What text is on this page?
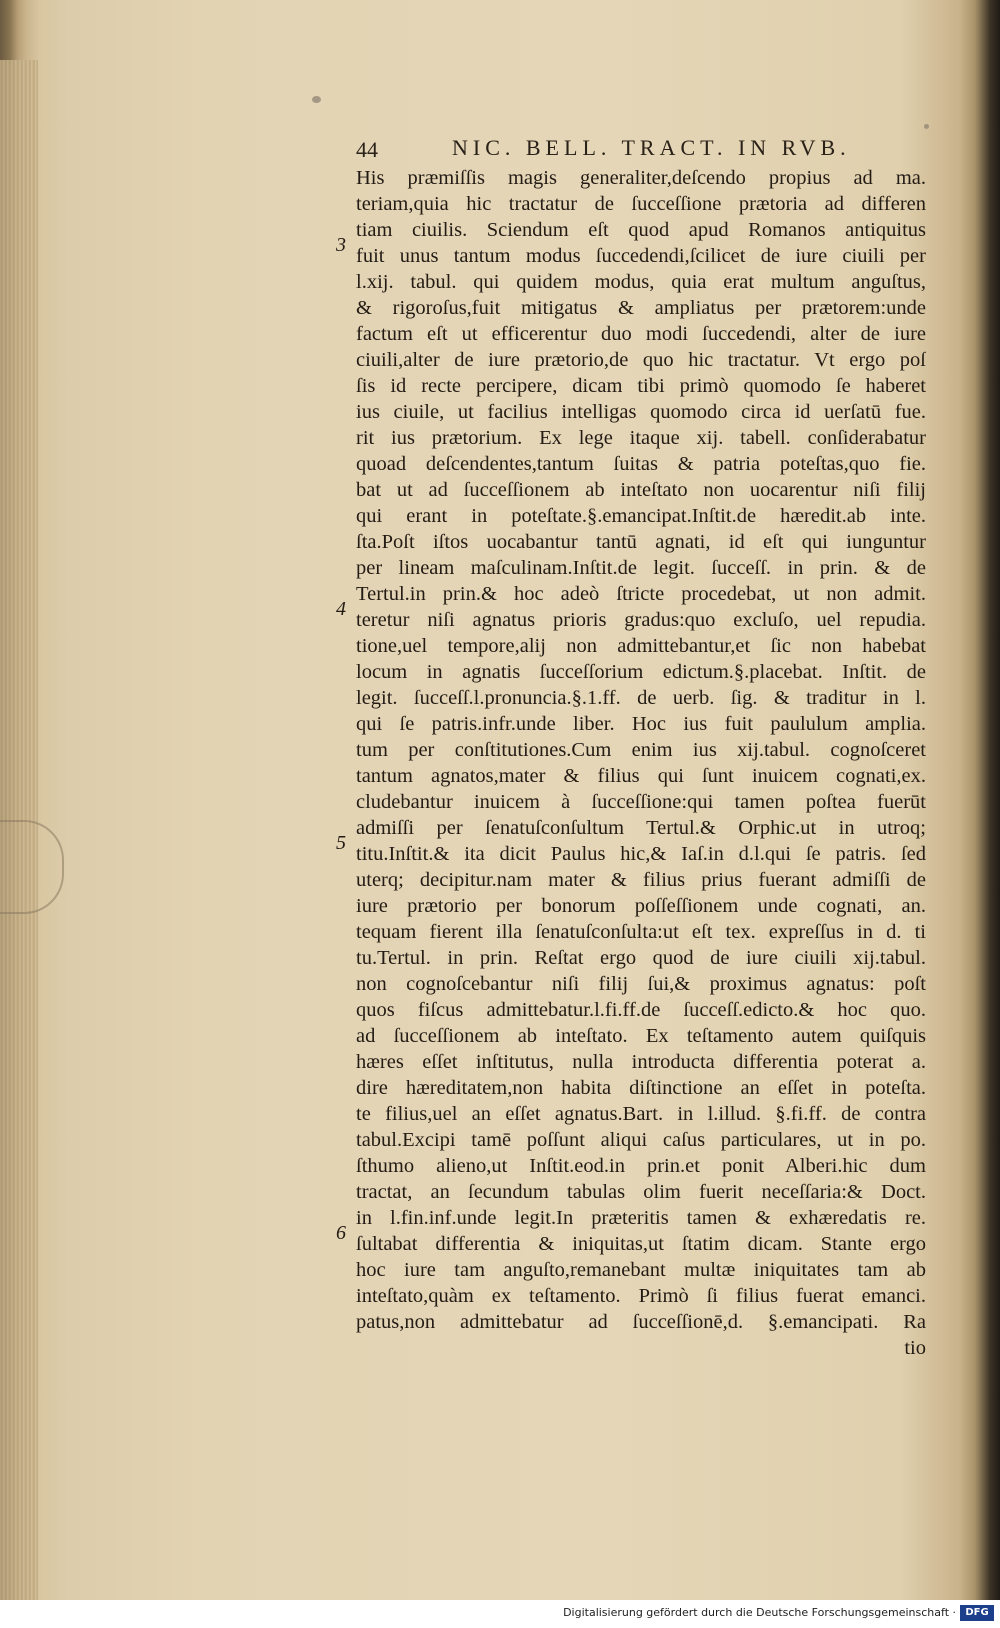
44	NIC. BELL. TRACT. IN RVB.
3
4
5
6
His præmiſſis magis generaliter,deſcendo propius ad ma.
teriam,quia hic tractatur de ſucceſſione prætoria ad differen
tiam ciuilis. Sciendum eſt quod apud Romanos antiquitus
fuit unus tantum modus ſuccedendi,ſcilicet de iure ciuili per
l.xij. tabul. qui quidem modus, quia erat multum anguſtus,
& rigoroſus,fuit mitigatus & ampliatus per prætorem:unde
factum eſt ut efficerentur duo modi ſuccedendi, alter de iure
ciuili,alter de iure prætorio,de quo hic tractatur. Vt ergo poſ
ſis id recte percipere, dicam tibi primò quomodo ſe haberet
ius ciuile, ut facilius intelligas quomodo circa id uerſatū fue.
rit ius prætorium. Ex lege itaque xij. tabell. conſiderabatur
quoad deſcendentes,tantum ſuitas & patria poteſtas,quo fie.
bat ut ad ſucceſſionem ab inteſtato non uocarentur niſi filij
qui erant in poteſtate.§.emancipat.Inſtit.de hæredit.ab inte.
ſta.Poſt iſtos uocabantur tantū agnati, id eſt qui iunguntur
per lineam maſculinam.Inſtit.de legit. ſucceſſ. in prin. & de
Tertul.in prin.& hoc adeò ſtricte procedebat, ut non admit.
teretur niſi agnatus prioris gradus:quo excluſo, uel repudia.
tione,uel tempore,alij non admittebantur,et ſic non habebat
locum in agnatis ſucceſſorium edictum.§.placebat. Inſtit. de
legit. ſucceſſ.l.pronuncia.§.1.ff. de uerb. ſig. & traditur in l.
qui ſe patris.infr.unde liber. Hoc ius fuit paululum amplia.
tum per conſtitutiones.Cum enim ius xij.tabul. cognoſceret
tantum agnatos,mater & filius qui ſunt inuicem cognati,ex.
cludebantur inuicem à ſucceſſione:qui tamen poſtea fuerūt
admiſſi per ſenatuſconſultum Tertul.& Orphic.ut in utroq;
titu.Inſtit.& ita dicit Paulus hic,& Iaſ.in d.l.qui ſe patris. ſed
uterq; decipitur.nam mater & filius prius fuerant admiſſi de
iure prætorio per bonorum poſſeſſionem unde cognati, an.
tequam fierent illa ſenatuſconſulta:ut eſt tex. expreſſus in d. ti
tu.Tertul. in prin. Reſtat ergo quod de iure ciuili xij.tabul.
non cognoſcebantur niſi filij ſui,& proximus agnatus: poſt
quos fiſcus admittebatur.l.fi.ff.de ſucceſſ.edicto.& hoc quo.
ad ſucceſſionem ab inteſtato. Ex teſtamento autem quiſquis
hæres eſſet inſtitutus, nulla introducta differentia poterat a.
dire hæreditatem,non habita diſtinctione an eſſet in poteſta.
te filius,uel an eſſet agnatus.Bart. in l.illud. §.fi.ff. de contra
tabul.Excipi tamē poſſunt aliqui caſus particulares, ut in po.
ſthumo alieno,ut Inſtit.eod.in prin.et ponit Alberi.hic dum
tractat, an ſecundum tabulas olim fuerit neceſſaria:& Doct.
in l.fin.inf.unde legit.In præteritis tamen & exhæredatis re.
ſultabat differentia & iniquitas,ut ſtatim dicam. Stante ergo
hoc iure tam anguſto,remanebant multæ iniquitates tam ab
inteſtato,quàm ex teſtamento. Primò ſi filius fuerat emanci.
patus,non admittebatur ad ſucceſſionē,d. §.emancipati. Ra
tio
Digitalisierung gefördert durch die Deutsche Forschungsgemeinschaft · DFG
